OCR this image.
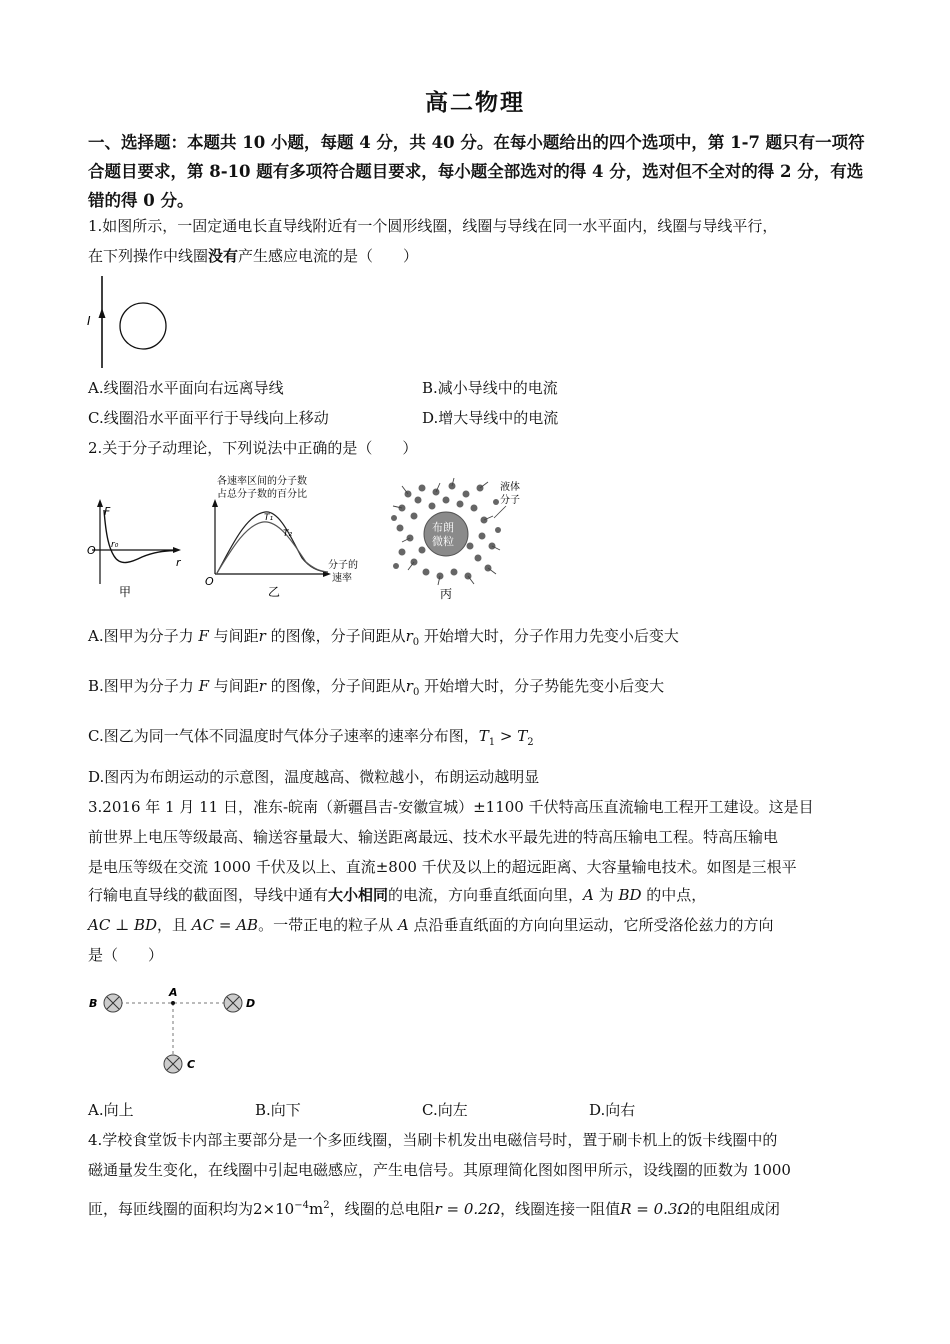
高二物理
一、选择题：本题共 10 小题，每题 4 分，共 40 分。在每小题给出的四个选项中，第 1-7 题只有一项符合题目要求，第 8-10 题有多项符合题目要求，每小题全部选对的得 4 分，选对但不全对的得 2 分，有选错的得 0 分。
1.如图所示，一固定通电长直导线附近有一个圆形线圈，线圈与导线在同一水平面内，线圈与导线平行，
在下列操作中线圈没有产生感应电流的是（　　）
I
A.线圈沿水平面向右远离导线	B.减小导线中的电流
C.线圈沿水平面平行于导线向上移动	D.增大导线中的电流
2.关于分子动理论，下列说法中正确的是（　　）
F
r₀
O
r
甲
各速率区间的分子数
占总分子数的百分比
T₁
T₂
O
分子的
速率
乙
布朗
微粒
液体
分子
丙
A.图甲为分子力 F 与间距r 的图像，分子间距从$r_0$ 开始增大时，分子作用力先变小后变大
B.图甲为分子力 F 与间距r 的图像，分子间距从$r_0$ 开始增大时，分子势能先变小后变大
C.图乙为同一气体不同温度时气体分子速率的速率分布图，$T_1 > T_2$
D.图丙为布朗运动的示意图，温度越高、微粒越小，布朗运动越明显
3.2016 年 1 月 11 日，准东-皖南（新疆昌吉-安徽宣城）±1100 千伏特高压直流输电工程开工建设。这是目
前世界上电压等级最高、输送容量最大、输送距离最远、技术水平最先进的特高压输电工程。特高压输电
是电压等级在交流 1000 千伏及以上、直流±800 千伏及以上的超远距离、大容量输电技术。如图是三根平
行输电直导线的截面图，导线中通有大小相同的电流，方向垂直纸面向里，A 为 BD 的中点，
AC ⊥ BD，且 AC = AB。一带正电的粒子从 A 点沿垂直纸面的方向向里运动，它所受洛伦兹力的方向
是（　　）
B
A
D
C
A.向上	B.向下	C.向左	D.向右
4.学校食堂饭卡内部主要部分是一个多匝线圈，当刷卡机发出电磁信号时，置于刷卡机上的饭卡线圈中的
磁通量发生变化，在线圈中引起电磁感应，产生电信号。其原理简化图如图甲所示，设线圈的匝数为 1000
匝，每匝线圈的面积均为$2\times 10^{-4}m^2$，线圈的总电阻r = 0.2Ω，线圈连接一阻值R = 0.3Ω的电阻组成闭
